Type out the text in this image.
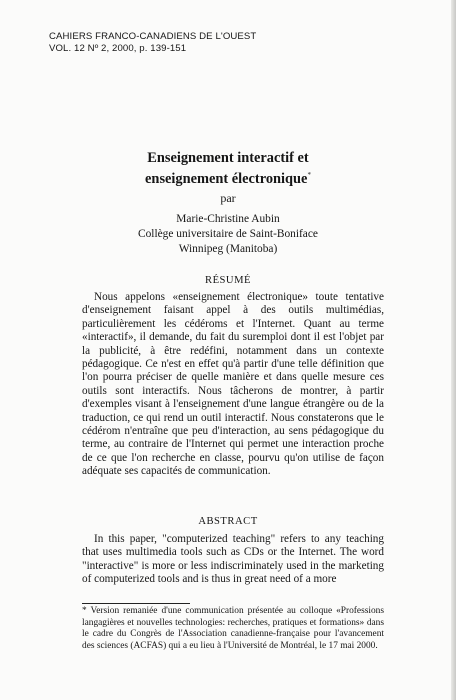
CAHIERS FRANCO-CANADIENS DE L'OUEST
VOL. 12 Nº 2, 2000, p. 139-151
Enseignement interactif et
enseignement électronique*
par
Marie-Christine Aubin
Collège universitaire de Saint-Boniface
Winnipeg (Manitoba)
RÉSUMÉ

Nous appelons «enseignement électronique» toute tentative d'enseignement faisant appel à des outils multimédias, particulièrement les cédéroms et l'Internet. Quant au terme «interactif», il demande, du fait du suremploi dont il est l'objet par la publicité, à être redéfini, notamment dans un contexte pédagogique. Ce n'est en effet qu'à partir d'une telle définition que l'on pourra préciser de quelle manière et dans quelle mesure ces outils sont interactifs. Nous tâcherons de montrer, à partir d'exemples visant à l'enseignement d'une langue étrangère ou de la traduction, ce qui rend un outil interactif. Nous constaterons que le cédérom n'entraîne que peu d'interaction, au sens pédagogique du terme, au contraire de l'Internet qui permet une interaction proche de ce que l'on recherche en classe, pourvu qu'on utilise de façon adéquate ses capacités de communication.

ABSTRACT

In this paper, "computerized teaching" refers to any teaching that uses multimedia tools such as CDs or the Internet. The word "interactive" is more or less indiscriminately used in the marketing of computerized tools and is thus in great need of a more

* Version remaniée d'une communication présentée au colloque «Professions langagières et nouvelles technologies: recherches, pratiques et formations» dans le cadre du Congrès de l'Association canadienne-française pour l'avancement des sciences (ACFAS) qui a eu lieu à l'Université de Montréal, le 17 mai 2000.
